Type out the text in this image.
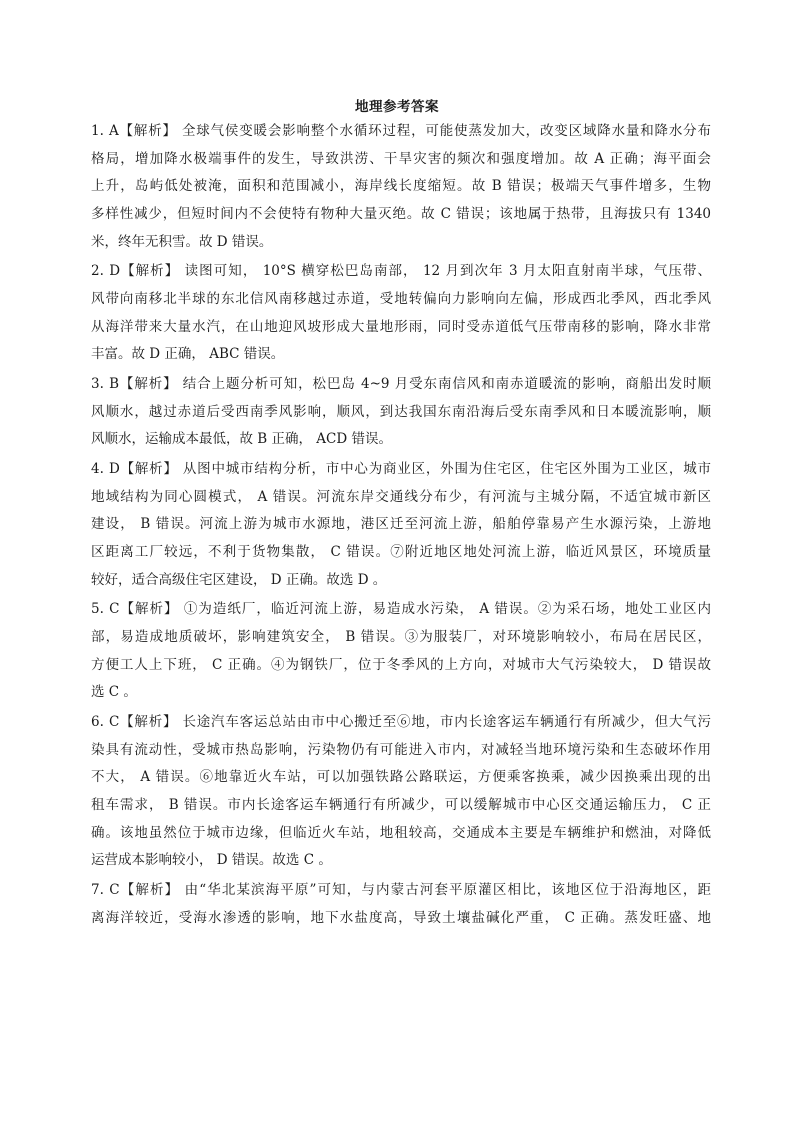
地理参考答案
1. A【解析】 全球气侯变暖会影响整个水循环过程，可能使蒸发加大，改变区域降水量和降水分布
格局，增加降水极端事件的发生，导致洪涝、干旱灾害的频次和强度增加。故 A 正确；海平面会
上升，岛屿低处被淹，面积和范围减小，海岸线长度缩短。故 B 错误；极端天气事件增多，生物
多样性减少，但短时间内不会使特有物种大量灭绝。故 C 错误；该地属于热带，且海拔只有 1340
米，终年无积雪。故 D 错误。
2. D【解析】 读图可知， 10°S 横穿松巴岛南部， 12 月到次年 3 月太阳直射南半球，气压带、
风带向南移北半球的东北信风南移越过赤道，受地转偏向力影响向左偏，形成西北季风，西北季风
从海洋带来大量水汽，在山地迎风坡形成大量地形雨，同时受赤道低气压带南移的影响，降水非常
丰富。故 D 正确， ABC 错误。
3. B【解析】 结合上题分析可知，松巴岛 4~9 月受东南信风和南赤道暖流的影响，商船出发时顺
风顺水，越过赤道后受西南季风影响，顺风，到达我国东南沿海后受东南季风和日本暖流影响，顺
风顺水，运输成本最低，故 B 正确， ACD 错误。
4. D【解析】 从图中城市结构分析，市中心为商业区，外围为住宅区，住宅区外围为工业区，城市
地域结构为同心圆模式， A 错误。河流东岸交通线分布少，有河流与主城分隔，不适宜城市新区
建设， B 错误。河流上游为城市水源地，港区迁至河流上游，船舶停靠易产生水源污染，上游地
区距离工厂较远，不利于货物集散， C 错误。⑦附近地区地处河流上游，临近风景区，环境质量
较好，适合高级住宅区建设， D 正确。故选 D 。
5. C【解析】 ①为造纸厂，临近河流上游，易造成水污染， A 错误。②为采石场，地处工业区内
部，易造成地质破坏，影响建筑安全， B 错误。③为服装厂，对环境影响较小，布局在居民区，
方便工人上下班， C 正确。④为钢铁厂，位于冬季风的上方向，对城市大气污染较大， D 错误故
选 C 。
6. C【解析】 长途汽车客运总站由市中心搬迁至⑥地，市内长途客运车辆通行有所减少，但大气污
染具有流动性，受城市热岛影响，污染物仍有可能进入市内，对减轻当地环境污染和生态破坏作用
不大， A 错误。⑥地靠近火车站，可以加强铁路公路联运，方便乘客换乘，减少因换乘出现的出
租车需求， B 错误。市内长途客运车辆通行有所减少，可以缓解城市中心区交通运输压力， C 正
确。该地虽然位于城市边缘，但临近火车站，地租较高，交通成本主要是车辆维护和燃油，对降低
运营成本影响较小， D 错误。故选 C 。
7. C【解析】 由“华北某滨海平原”可知，与内蒙古河套平原灌区相比，该地区位于沿海地区，距
离海洋较近，受海水渗透的影响，地下水盐度高，导致土壤盐碱化严重， C 正确。蒸发旺盛、地
